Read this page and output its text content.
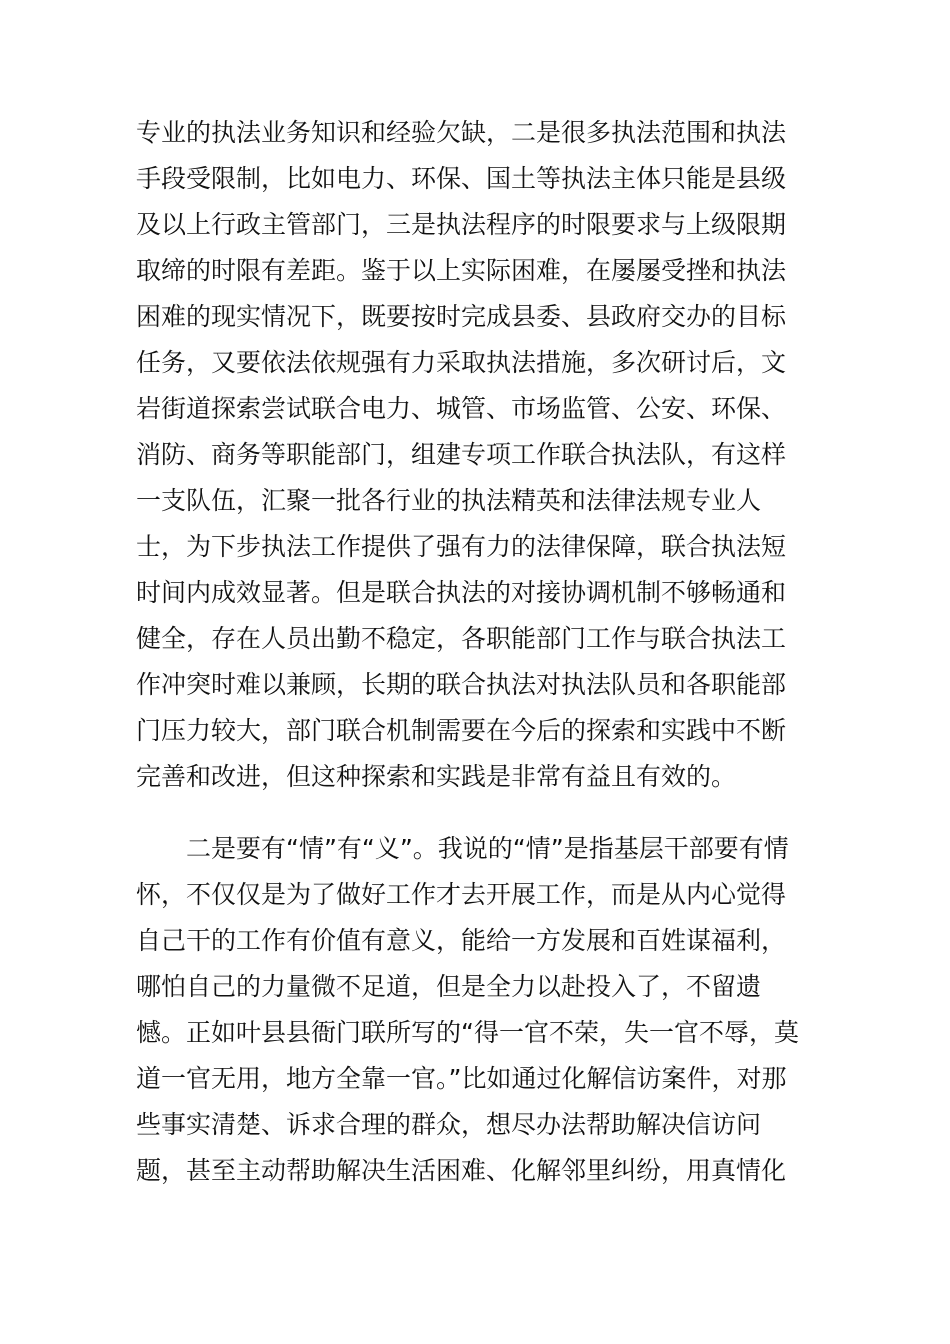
专业的执法业务知识和经验欠缺，二是很多执法范围和执法
手段受限制，比如电力、环保、国土等执法主体只能是县级
及以上行政主管部门，三是执法程序的时限要求与上级限期
取缔的时限有差距。鉴于以上实际困难，在屡屡受挫和执法
困难的现实情况下，既要按时完成县委、县政府交办的目标
任务，又要依法依规强有力采取执法措施，多次研讨后，文
岩街道探索尝试联合电力、城管、市场监管、公安、环保、
消防、商务等职能部门，组建专项工作联合执法队，有这样
一支队伍，汇聚一批各行业的执法精英和法律法规专业人
士，为下步执法工作提供了强有力的法律保障，联合执法短
时间内成效显著。但是联合执法的对接协调机制不够畅通和
健全，存在人员出勤不稳定，各职能部门工作与联合执法工
作冲突时难以兼顾，长期的联合执法对执法队员和各职能部
门压力较大，部门联合机制需要在今后的探索和实践中不断
完善和改进，但这种探索和实践是非常有益且有效的。
二是要有“情”有“义”。我说的“情”是指基层干部要有情
怀，不仅仅是为了做好工作才去开展工作，而是从内心觉得
自己干的工作有价值有意义，能给一方发展和百姓谋福利，
哪怕自己的力量微不足道，但是全力以赴投入了，不留遗
憾。正如叶县县衙门联所写的“得一官不荣，失一官不辱，莫
道一官无用，地方全靠一官。”比如通过化解信访案件，对那
些事实清楚、诉求合理的群众，想尽办法帮助解决信访问
题，甚至主动帮助解决生活困难、化解邻里纠纷，用真情化
